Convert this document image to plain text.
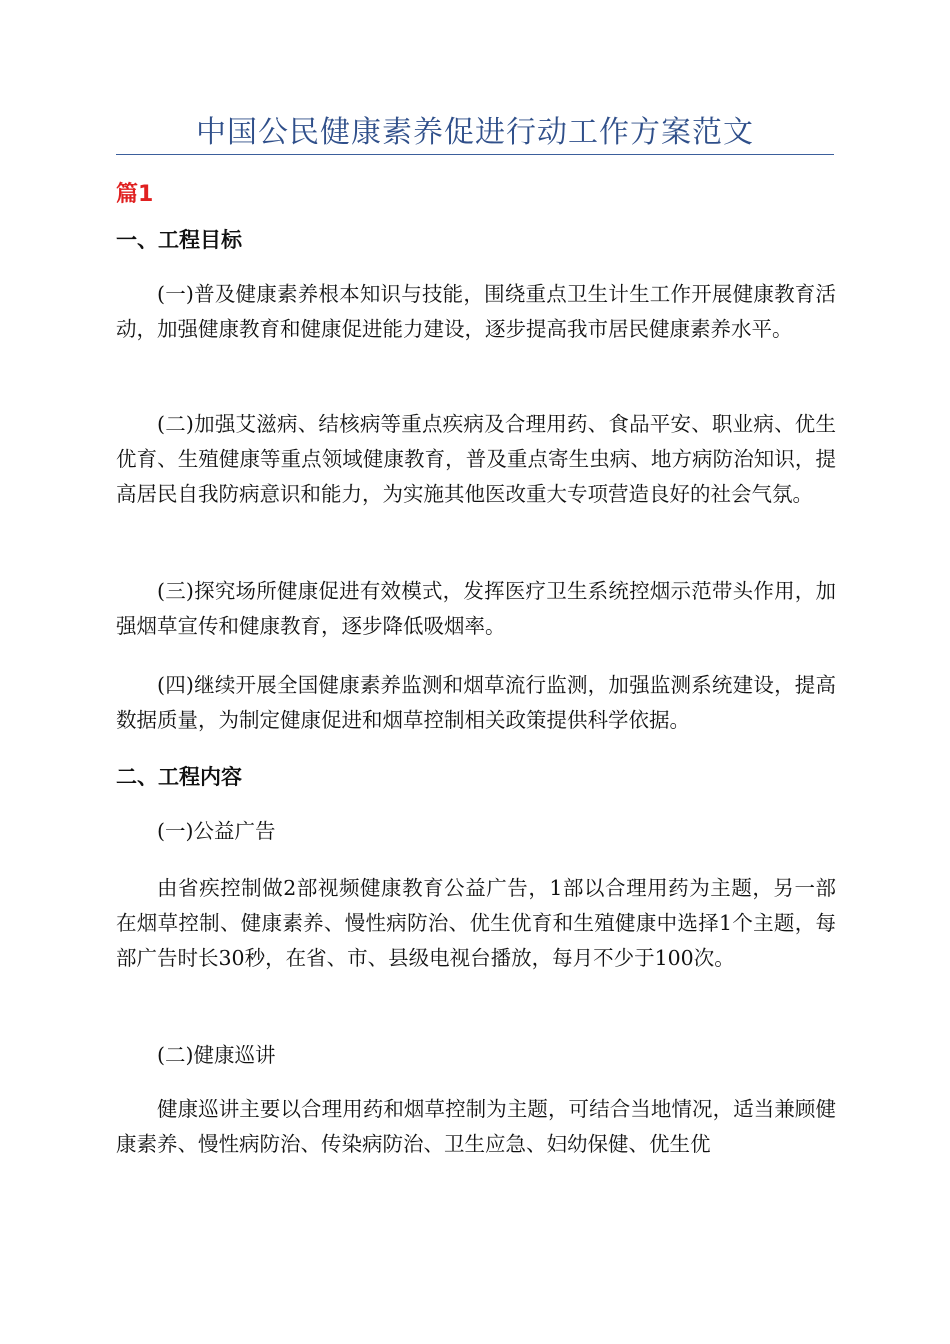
中国公民健康素养促进行动工作方案范文
篇1
一、工程目标

(一)普及健康素养根本知识与技能，围绕重点卫生计生工作开展健康教育活动，加强健康教育和健康促进能力建设，逐步提高我市居民健康素养水平。

(二)加强艾滋病、结核病等重点疾病及合理用药、食品平安、职业病、优生优育、生殖健康等重点领域健康教育，普及重点寄生虫病、地方病防治知识，提高居民自我防病意识和能力，为实施其他医改重大专项营造良好的社会气氛。

(三)探究场所健康促进有效模式，发挥医疗卫生系统控烟示范带头作用，加强烟草宣传和健康教育，逐步降低吸烟率。

(四)继续开展全国健康素养监测和烟草流行监测，加强监测系统建设，提高数据质量，为制定健康促进和烟草控制相关政策提供科学依据。

二、工程内容

(一)公益广告

由省疾控制做2部视频健康教育公益广告，1部以合理用药为主题，另一部在烟草控制、健康素养、慢性病防治、优生优育和生殖健康中选择1个主题，每部广告时长30秒，在省、市、县级电视台播放，每月不少于100次。

(二)健康巡讲

健康巡讲主要以合理用药和烟草控制为主题，可结合当地情况，适当兼顾健康素养、慢性病防治、传染病防治、卫生应急、妇幼保健、优生优
